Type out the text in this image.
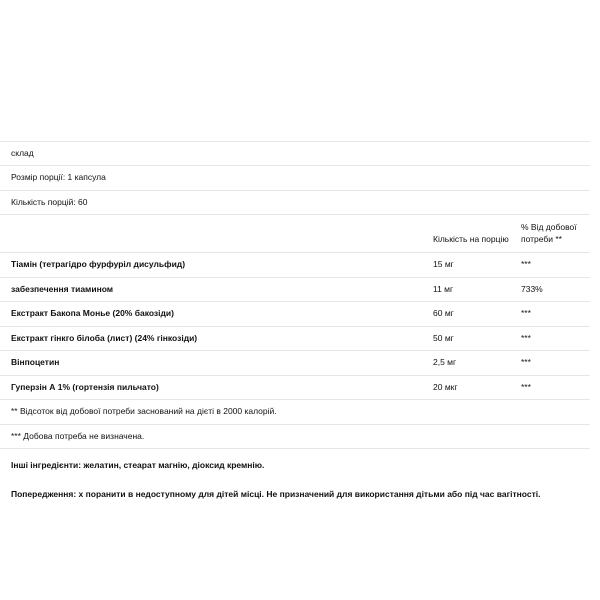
склад		
Розмір порції: 1 капсула		
Кількість порцій: 60		
	Кількість на порцію	% Від добової потреби **
Тіамін (тетрагідро фурфуріл дисульфид)	15 мг	***
забезпечення тиамином	11 мг	733%
Екстракт Бакопа Монье (20% бакозіди)	60 мг	***
Екстракт гінкго білоба (лист) (24% гінкозіди)	50 мг	***
Вінпоцетин	2,5 мг	***
Гуперзін А 1% (гортензія пильчато)	20 мкг	***
** Відсоток від добової потреби заснований на дієті в 2000 калорій.		
*** Добова потреба не визначена.		

Інші інгредієнти: желатин, стеарат магнію, діоксид кремнію.

Попередження: х поранити в недоступному для дітей місці. Не призначений для використання дітьми або під час вагітності.
